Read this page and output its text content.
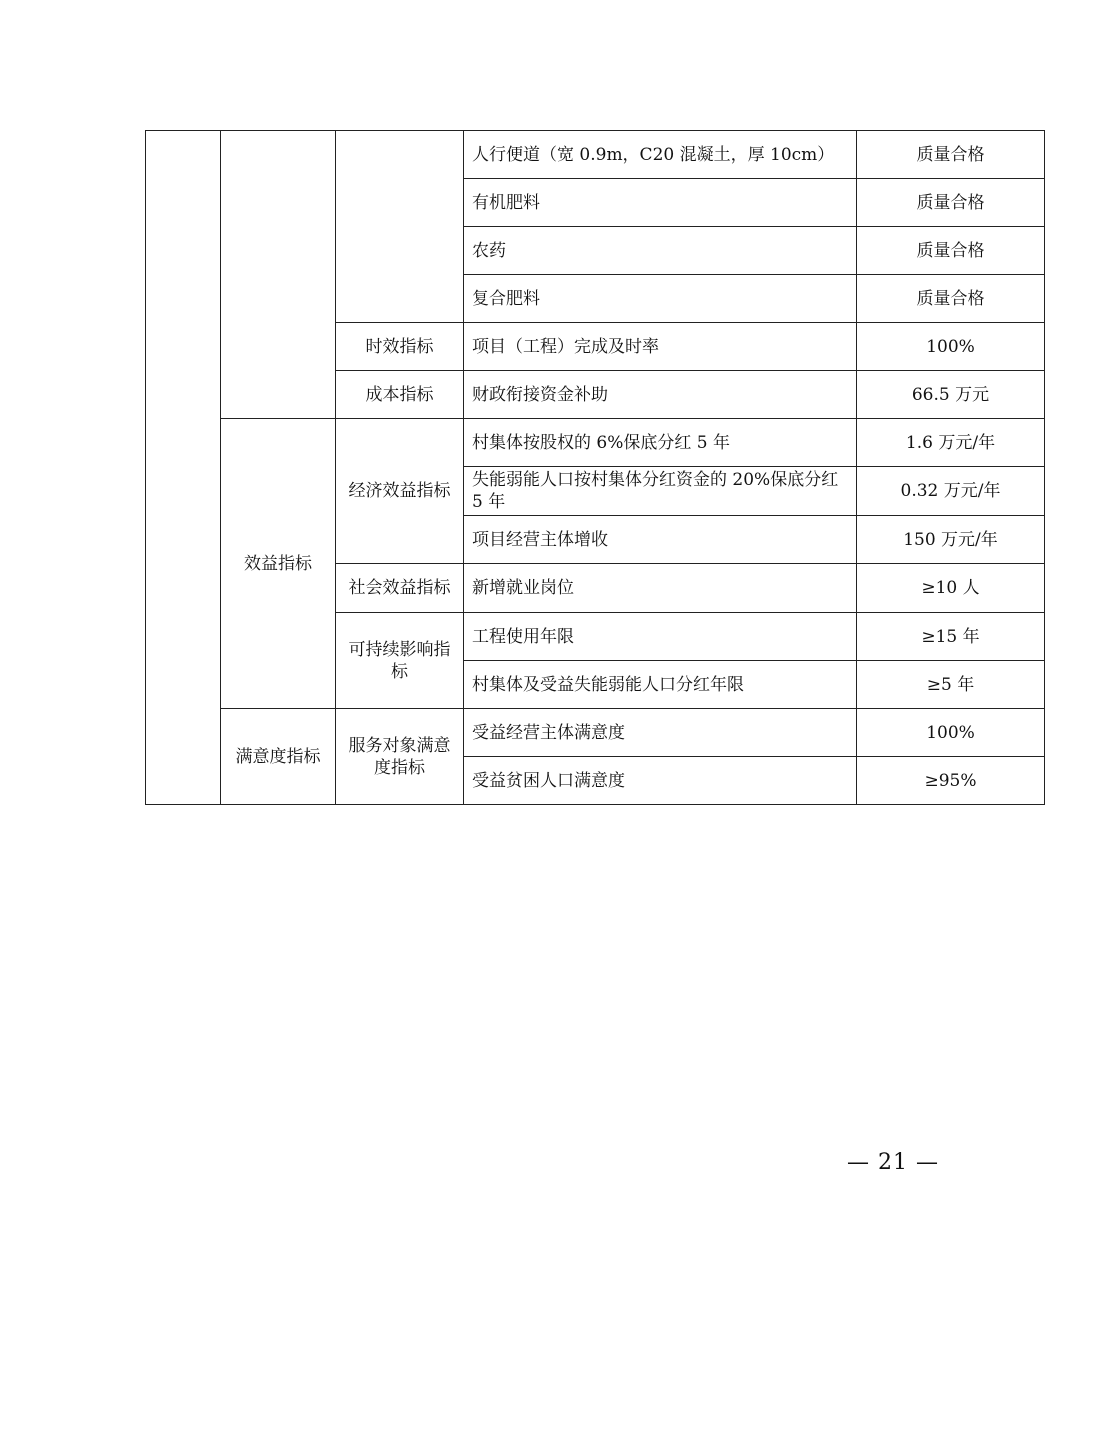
			人行便道（宽 0.9m，C20 混凝土，厚 10cm）	质量合格
			有机肥料	质量合格
			农药	质量合格
			复合肥料	质量合格
		时效指标	项目（工程）完成及时率	100%
		成本指标	财政衔接资金补助	66.5 万元
	效益指标	经济效益指标	村集体按股权的 6%保底分红 5 年	1.6 万元/年
			失能弱能人口按村集体分红资金的 20%保底分红 5 年	0.32 万元/年
			项目经营主体增收	150 万元/年
		社会效益指标	新增就业岗位	≥10 人
		可持续影响指标	工程使用年限	≥15 年
			村集体及受益失能弱能人口分红年限	≥5 年
	满意度指标	服务对象满意度指标	受益经营主体满意度	100%
			受益贫困人口满意度	≥95%
— 21 —
